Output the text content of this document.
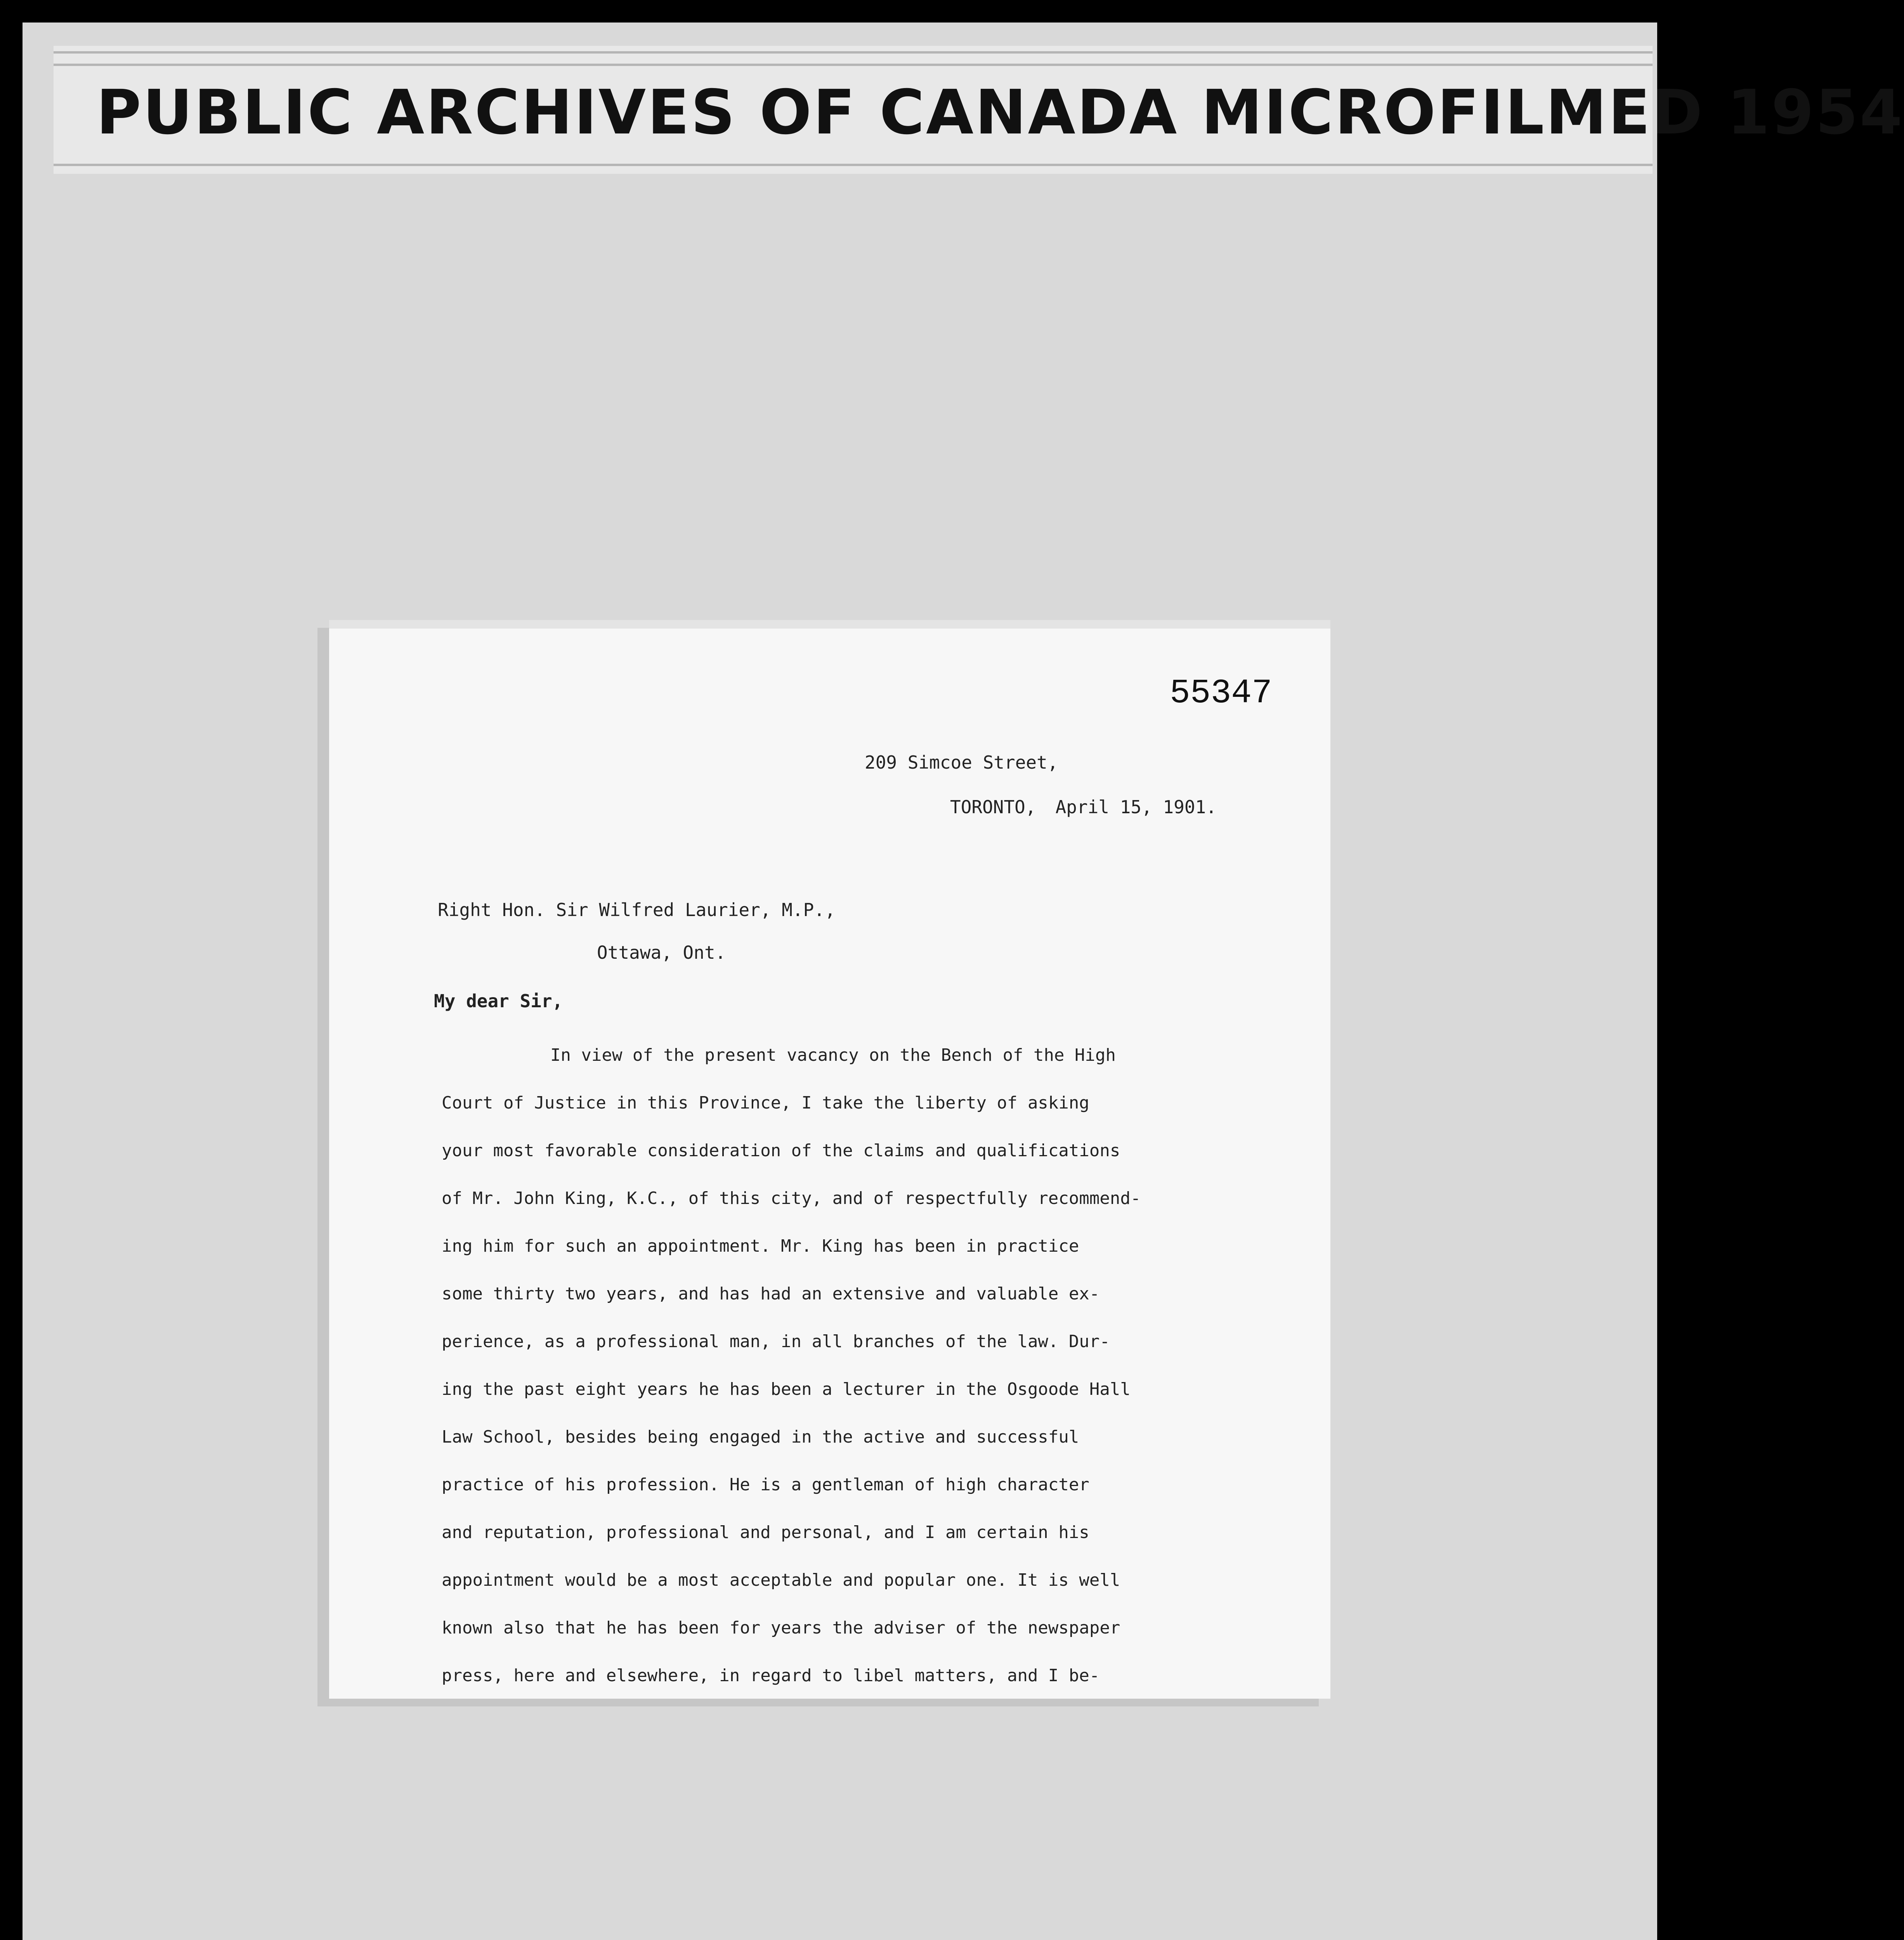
PUBLIC ARCHIVES OF CANADA MICROFILMED 1954
55347
209 Simcoe Street,
TORONTO, April 15, 1901.
Right Hon. Sir Wilfred Laurier, M.P.,
Ottawa, Ont.
My dear Sir,
In view of the present vacancy on the Bench of the High
Court of Justice in this Province, I take the liberty of asking
your most favorable consideration of the claims and qualifications
of Mr. John King, K.C., of this city, and of respectfully recommend-
ing him for such an appointment. Mr. King has been in practice
some thirty two years, and has had an extensive and valuable ex-
perience, as a professional man, in all branches of the law. Dur-
ing the past eight years he has been a lecturer in the Osgoode Hall
Law School, besides being engaged in the active and successful
practice of his profession. He is a gentleman of high character
and reputation, professional and personal, and I am certain his
appointment would be a most acceptable and popular one. It is well
known also that he has been for years the adviser of the newspaper
press, here and elsewhere, in regard to libel matters, and I be-
